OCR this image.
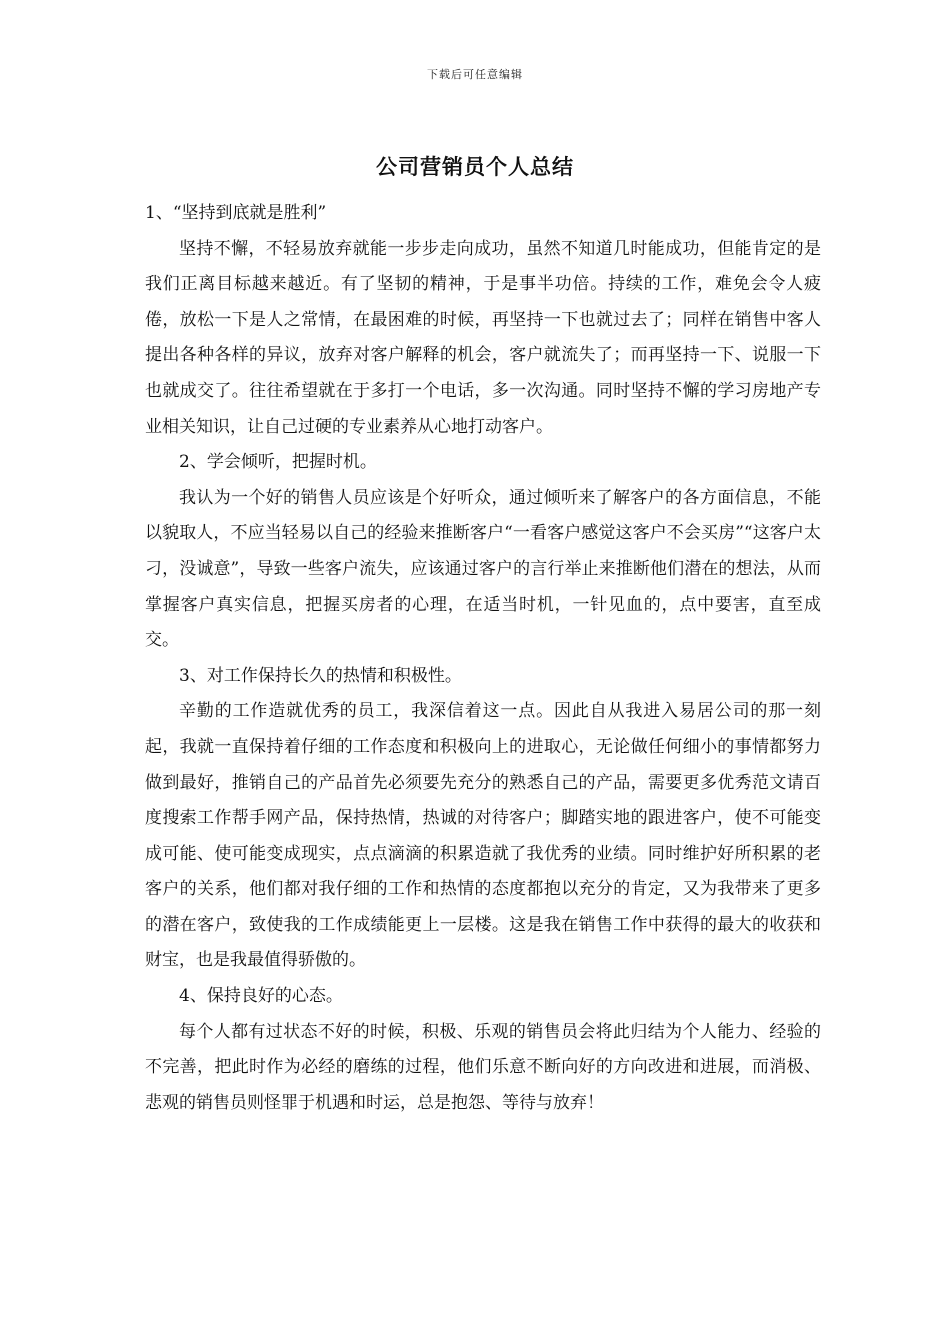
下载后可任意编辑
公司营销员个人总结

1、“坚持到底就是胜利”

坚持不懈，不轻易放弃就能一步步走向成功，虽然不知道几时能成功，但能肯定的是我们正离目标越来越近。有了坚韧的精神，于是事半功倍。持续的工作，难免会令人疲倦，放松一下是人之常情，在最困难的时候，再坚持一下也就过去了；同样在销售中客人提出各种各样的异议，放弃对客户解释的机会，客户就流失了；而再坚持一下、说服一下也就成交了。往往希望就在于多打一个电话，多一次沟通。同时坚持不懈的学习房地产专业相关知识，让自己过硬的专业素养从心地打动客户。

2、学会倾听，把握时机。

我认为一个好的销售人员应该是个好听众，通过倾听来了解客户的各方面信息，不能以貌取人，不应当轻易以自己的经验来推断客户“一看客户感觉这客户不会买房”“这客户太刁，没诚意”，导致一些客户流失，应该通过客户的言行举止来推断他们潜在的想法，从而掌握客户真实信息，把握买房者的心理，在适当时机，一针见血的，点中要害，直至成交。

3、对工作保持长久的热情和积极性。

辛勤的工作造就优秀的员工，我深信着这一点。因此自从我进入易居公司的那一刻起，我就一直保持着仔细的工作态度和积极向上的进取心，无论做任何细小的事情都努力做到最好，推销自己的产品首先必须要先充分的熟悉自己的产品，需要更多优秀范文请百度搜索工作帮手网产品，保持热情，热诚的对待客户；脚踏实地的跟进客户，使不可能变成可能、使可能变成现实，点点滴滴的积累造就了我优秀的业绩。同时维护好所积累的老客户的关系，他们都对我仔细的工作和热情的态度都抱以充分的肯定，又为我带来了更多的潜在客户，致使我的工作成绩能更上一层楼。这是我在销售工作中获得的最大的收获和财宝，也是我最值得骄傲的。

4、保持良好的心态。

每个人都有过状态不好的时候，积极、乐观的销售员会将此归结为个人能力、经验的不完善，把此时作为必经的磨练的过程，他们乐意不断向好的方向改进和进展，而消极、悲观的销售员则怪罪于机遇和时运，总是抱怨、等待与放弃！
